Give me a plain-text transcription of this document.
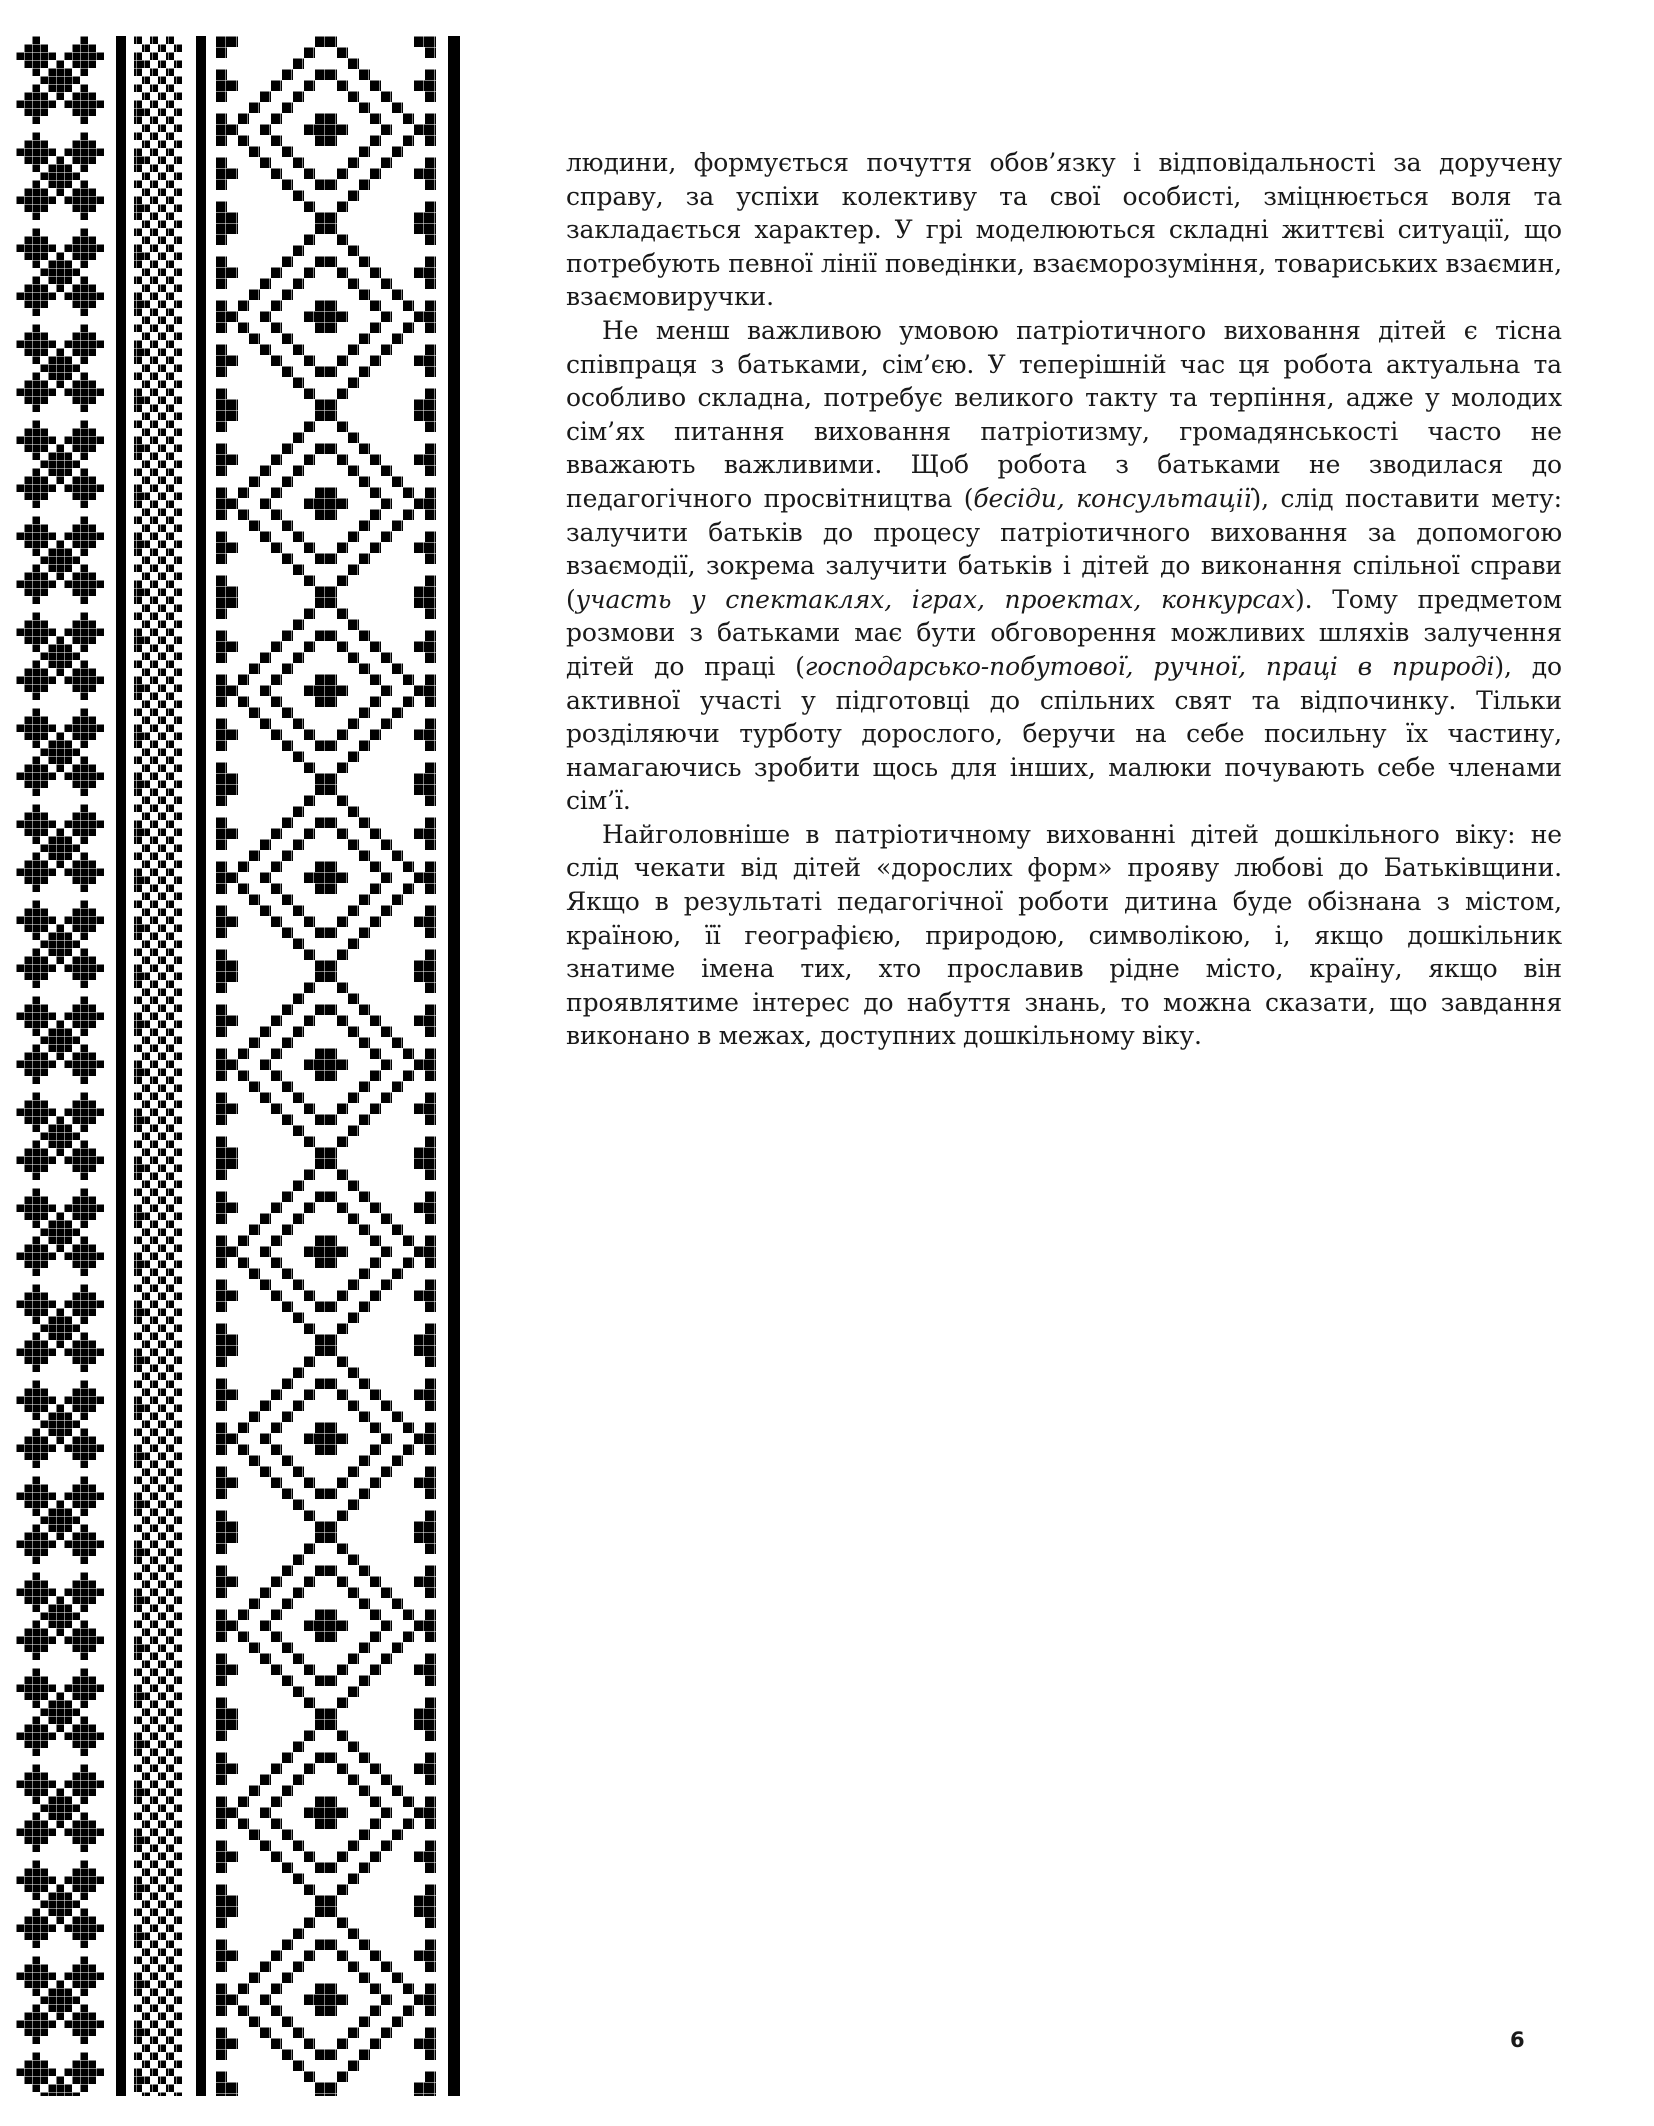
людини, формується почуття обов’язку і відповідальності за доручену справу, за успіхи колективу та свої особисті, зміцнюється воля та закладається характер. У грі моделюються складні життєві ситуації, що потребують певної лінії поведінки, взаєморозуміння, товариських взаємин, взаємовиручки.

Не менш важливою умовою патріотичного виховання дітей є тісна співпраця з батьками, сім’єю. У теперішній час ця робота актуальна та особливо складна, потребує великого такту та терпіння, адже у молодих сім’ях питання виховання патріотизму, громадянськості часто не вважають важливими. Щоб робота з батьками не зводилася до педагогічного просвітництва (бесіди, консультації), слід поставити мету: залучити батьків до процесу патріотичного виховання за допомогою взаємодії, зокрема залучити батьків і дітей до виконання спільної справи (участь у спектаклях, іграх, проектах, конкурсах). Тому предметом розмови з батьками має бути обговорення можливих шляхів залучення дітей до праці (господарсько-побутової, ручної, праці в природі), до активної участі у підготовці до спільних свят та відпочинку. Тільки розділяючи турботу дорослого, беручи на себе посильну їх частину, намагаючись зробити щось для інших, малюки почувають себе членами сім’ї.

Найголовніше в патріотичному вихованні дітей дошкільного віку: не слід чекати від дітей «дорослих форм» прояву любові до Батьківщини. Якщо в результаті педагогічної роботи дитина буде обізнана з містом, країною, її географією, природою, символікою, і, якщо дошкільник знатиме імена тих, хто прославив рідне місто, країну, якщо він проявлятиме інтерес до набуття знань, то можна сказати, що завдання виконано в межах, доступних дошкільному віку.

6
